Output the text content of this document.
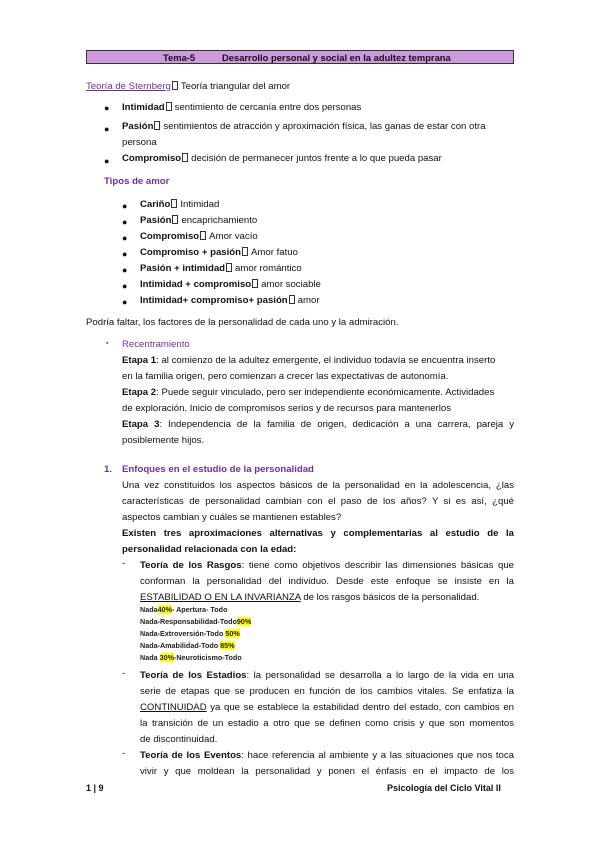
Tema-5	Desarrollo personal y social en la adultez temprana
Teoría de Sternberg Teoría triangular del amor
● Intimidad sentimiento de cercanía entre dos personas
● Pasión sentimientos de atracción y aproximación física, las ganas de estar con otra
persona
● Compromiso decisión de permanecer juntos frente a lo que pueda pasar
Tipos de amor
● Cariño Intimidad
● Pasión encaprichamiento
● Compromiso Amor vacío
● Compromiso + pasión Amor fatuo
● Pasión + intimidad amor romántico
● Intimidad + compromiso amor sociable
● Intimidad+ compromiso+ pasión amor
Podría faltar, los factores de la personalidad de cada uno y la admiración.
▪ Recentramiento
Etapa 1: al comienzo de la adultez emergente, el individuo todavía se encuentra inserto
en la familia origen, pero comienzan a crecer las expectativas de autonomía.
Etapa 2: Puede seguir vinculado, pero ser independiente económicamente. Actividades
de exploración. Inicio de compromisos serios y de recursos para mantenerlos
Etapa 3: Independencia de la familia de origen, dedicación a una carrera, pareja y
posiblemente hijos.
1. Enfoques en el estudio de la personalidad
Una vez constituidos los aspectos básicos de la personalidad en la adolescencia, ¿las
características de personalidad cambian con el paso de los años? Y si es así, ¿qué
aspectos cambian y cuáles se mantienen estables?
Existen tres aproximaciones alternativas y complementarias al estudio de la
personalidad relacionada con la edad:
- Teoría de los Rasgos: tiene como objetivos describir las dimensiones básicas que
conforman la personalidad del individuo. Desde este enfoque se insiste en la
ESTABILIDAD O EN LA INVARIANZA de los rasgos básicos de la personalidad.
Nada40%- Apertura- Todo
Nada-Responsabilidad-Todo90%
Nada-Extroversión-Todo 50%
Nada-Amabilidad-Todo 85%
Nada 30%-Neuroticismo-Todo
- Teoría de los Estadios: la personalidad se desarrolla a lo largo de la vida en una
serie de etapas que se producen en función de los cambios vitales. Se enfatiza la
CONTINUIDAD ya que se establece la estabilidad dentro del estado, con cambios en
la transición de un estadio a otro que se definen como crisis y que son momentos
de discontinuidad.
- Teoría de los Eventos: hace referencia al ambiente y a las situaciones que nos toca
vivir y que moldean la personalidad y ponen el énfasis en el impacto de los
1 | 9	Psicología del Ciclo Vital II
